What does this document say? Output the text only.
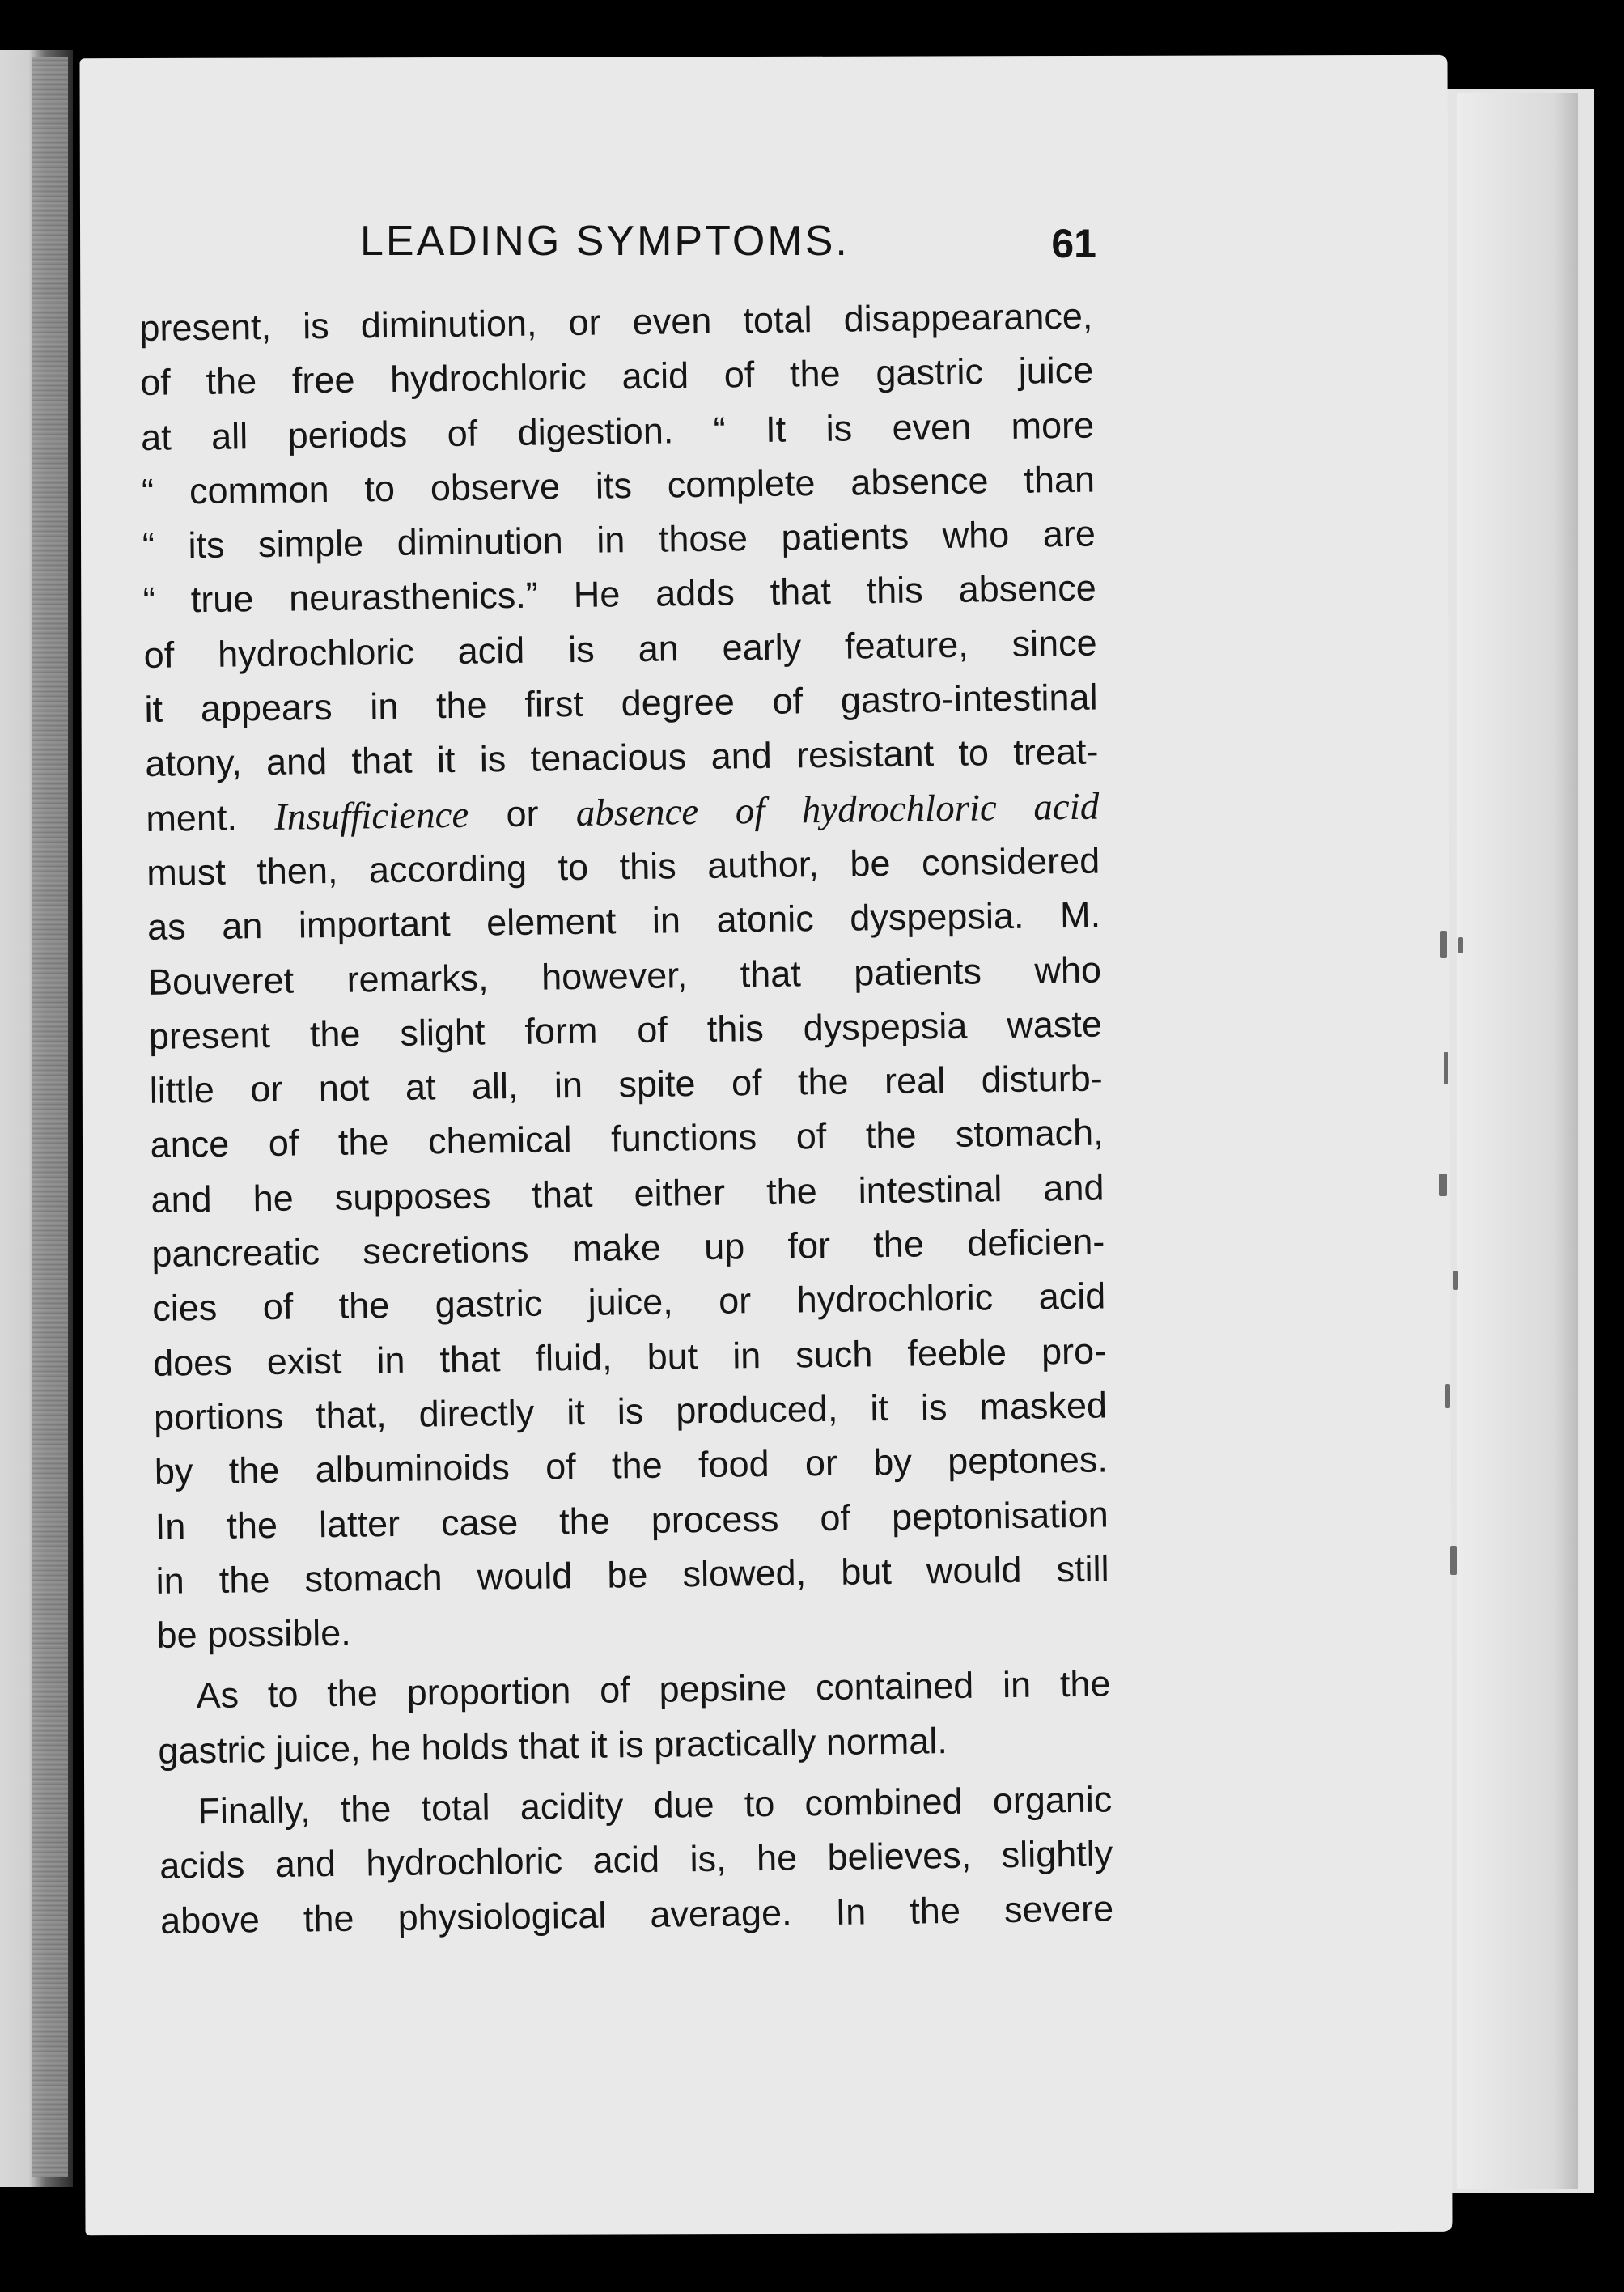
LEADING SYMPTOMS.	61
present, is diminution, or even total disappearance,
of the free hydrochloric acid of the gastric juice
at all periods of digestion. “ It is even more
“ common to observe its complete absence than
“ its simple diminution in those patients who are
“ true neurasthenics.” He adds that this absence
of hydrochloric acid is an early feature, since
it appears in the first degree of gastro-intestinal
atony, and that it is tenacious and resistant to treat-
ment. Insufficience or absence of hydrochloric acid
must then, according to this author, be considered
as an important element in atonic dyspepsia. M.
Bouveret remarks, however, that patients who
present the slight form of this dyspepsia waste
little or not at all, in spite of the real disturb-
ance of the chemical functions of the stomach,
and he supposes that either the intestinal and
pancreatic secretions make up for the deficien-
cies of the gastric juice, or hydrochloric acid
does exist in that fluid, but in such feeble pro-
portions that, directly it is produced, it is masked
by the albuminoids of the food or by peptones.
In the latter case the process of peptonisation
in the stomach would be slowed, but would still
be possible.
As to the proportion of pepsine contained in the
gastric juice, he holds that it is practically normal.
Finally, the total acidity due to combined organic
acids and hydrochloric acid is, he believes, slightly
above the physiological average. In the severe
